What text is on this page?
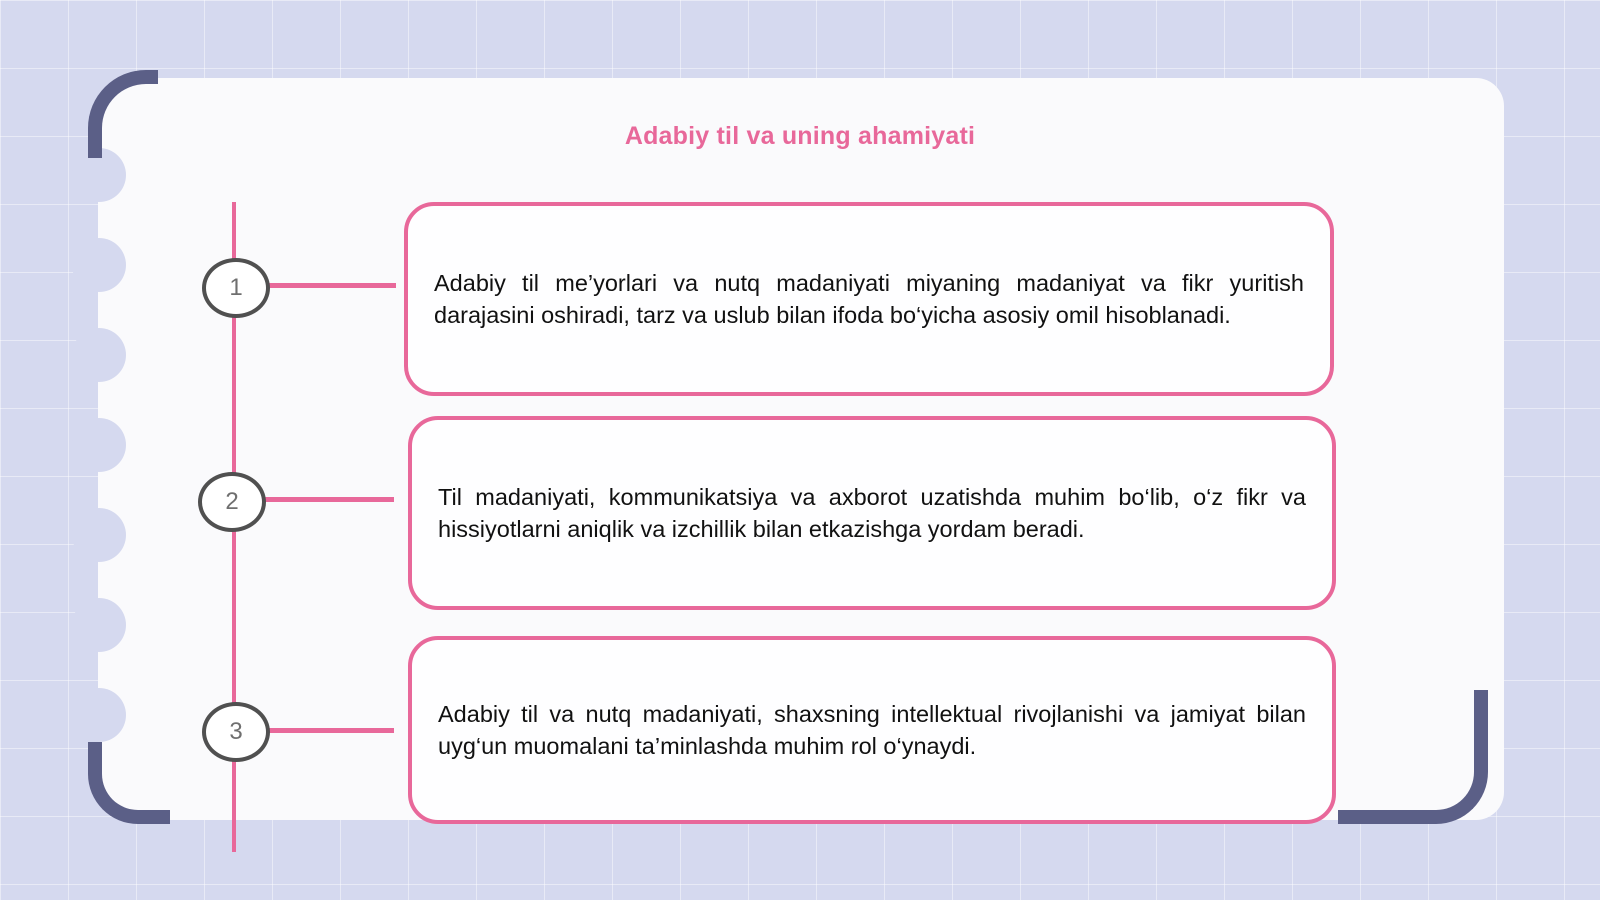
Adabiy til va uning ahamiyati
1	Adabiy til me’yorlari va nutq madaniyati miyaning madaniyat va fikr yuritish darajasini oshiradi, tarz va uslub bilan ifoda bo‘yicha asosiy omil hisoblanadi.

2	Til madaniyati, kommunikatsiya va axborot uzatishda muhim bo‘lib, o‘z fikr va hissiyotlarni aniqlik va izchillik bilan etkazishga yordam beradi.

3

Adabiy til va nutq madaniyati, shaxsning intellektual rivojlanishi va jamiyat bilan uyg‘un muomalani ta’minlashda muhim rol o‘ynaydi.
